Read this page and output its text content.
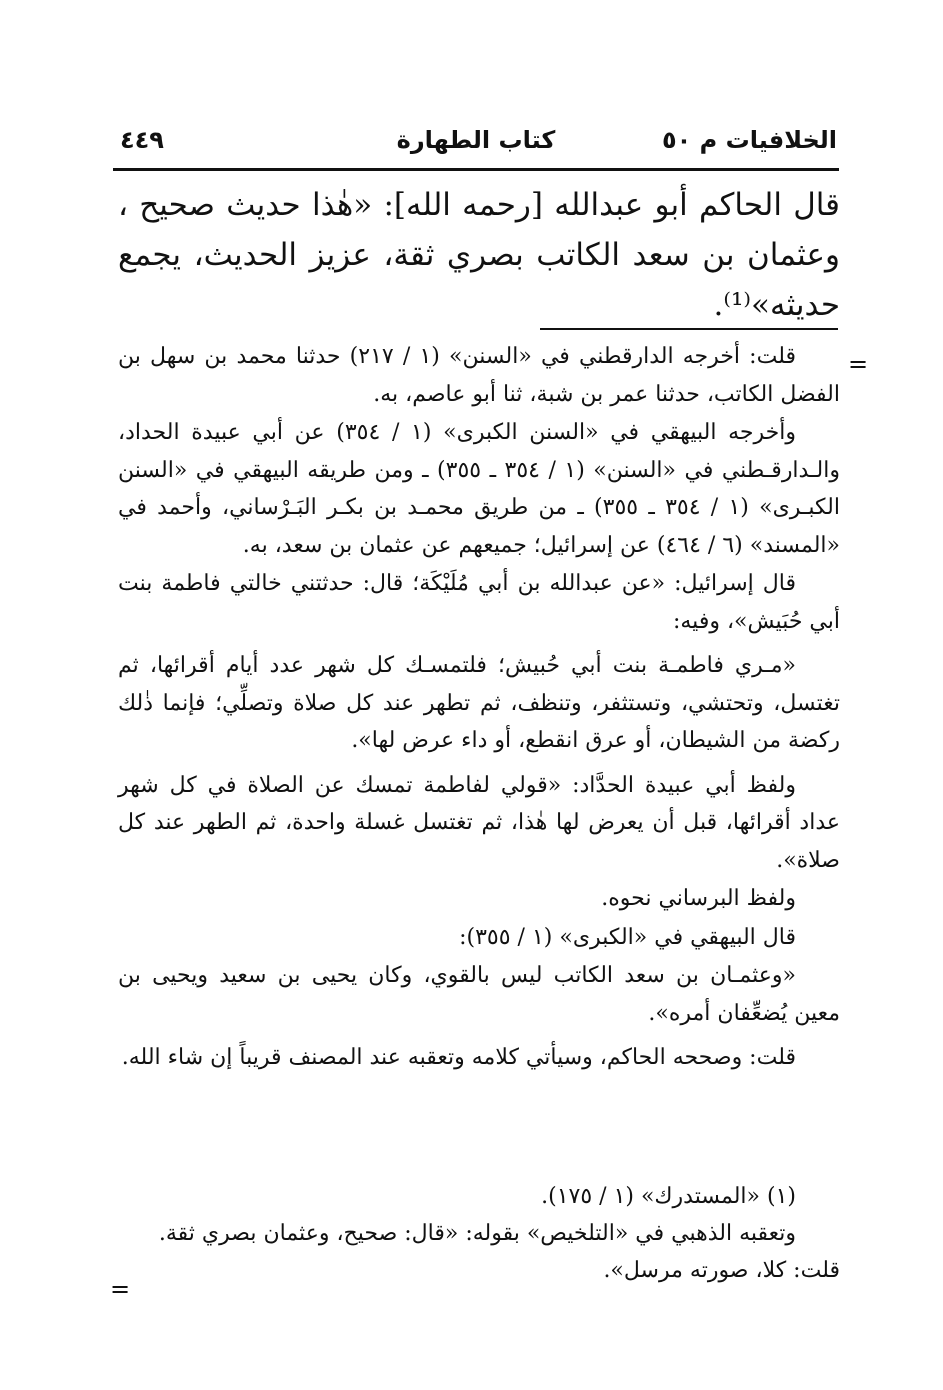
٤٤٩	كتاب الطهارة	الخلافيات م ٥٠

قال الحاكم أبو عبدالله [رحمه الله]: «هٰذا حديث صحيح ، وعثمان بن سعد الكاتب بصري ثقة، عزيز الحديث، يجمع حديثه»⁽¹⁾.

قلت: أخرجه الدارقطني في «السنن» (١ / ٢١٧) حدثنا محمد بن سهل بن الفضل الكاتب، حدثنا عمر بن شبة، ثنا أبو عاصم، به.

وأخرجه البيهقي في «السنن الكبرى» (١ / ٣٥٤) عن أبي عبيدة الحداد، والـدارقـطني في «السنن» (١ / ٣٥٤ ـ ٣٥٥) ـ ومن طريقه البيهقي في «السنن الكبـرى» (١ / ٣٥٤ ـ ٣٥٥) ـ من طريق محمـد بن بكـر البَـرْساني، وأحمد في «المسند» (٦ / ٤٦٤) عن إسرائيل؛ جميعهم عن عثمان بن سعد، به.

قال إسرائيل: «عن عبدالله بن أبي مُلَيْكَة؛ قال: حدثتني خالتي فاطمة بنت أبي حُبَيش»، وفيه:

«مـري فاطمـة بنت أبي حُبيش؛ فلتمسـك كل شهر عدد أيام أقرائها، ثم تغتسل، وتحتشي، وتستثفر، وتنظف، ثم تطهر عند كل صلاة وتصلِّي؛ فإنما ذٰلك ركضة من الشيطان، أو عرق انقطع، أو داء عرض لها».

ولفظ أبي عبيدة الحدَّاد: «قولي لفاطمة تمسك عن الصلاة في كل شهر عداد أقرائها، قبل أن يعرض لها هٰذا، ثم تغتسل غسلة واحدة، ثم الطهر عند كل صلاة».

ولفظ البرساني نحوه.

قال البيهقي في «الكبرى» (١ / ٣٥٥):

«وعثمـان بن سعد الكاتب ليس بالقوي، وكان يحيى بن سعيد ويحيى بن معين يُضعِّفان أمره».

قلت: وصححه الحاكم، وسيأتي كلامه وتعقبه عند المصنف قريباً إن شاء الله.

(١) «المستدرك» (١ / ١٧٥).

وتعقبه الذهبي في «التلخيص» بقوله: «قال: صحيح، وعثمان بصري ثقة.

قلت: كلا، صورته مرسل».

=
=
